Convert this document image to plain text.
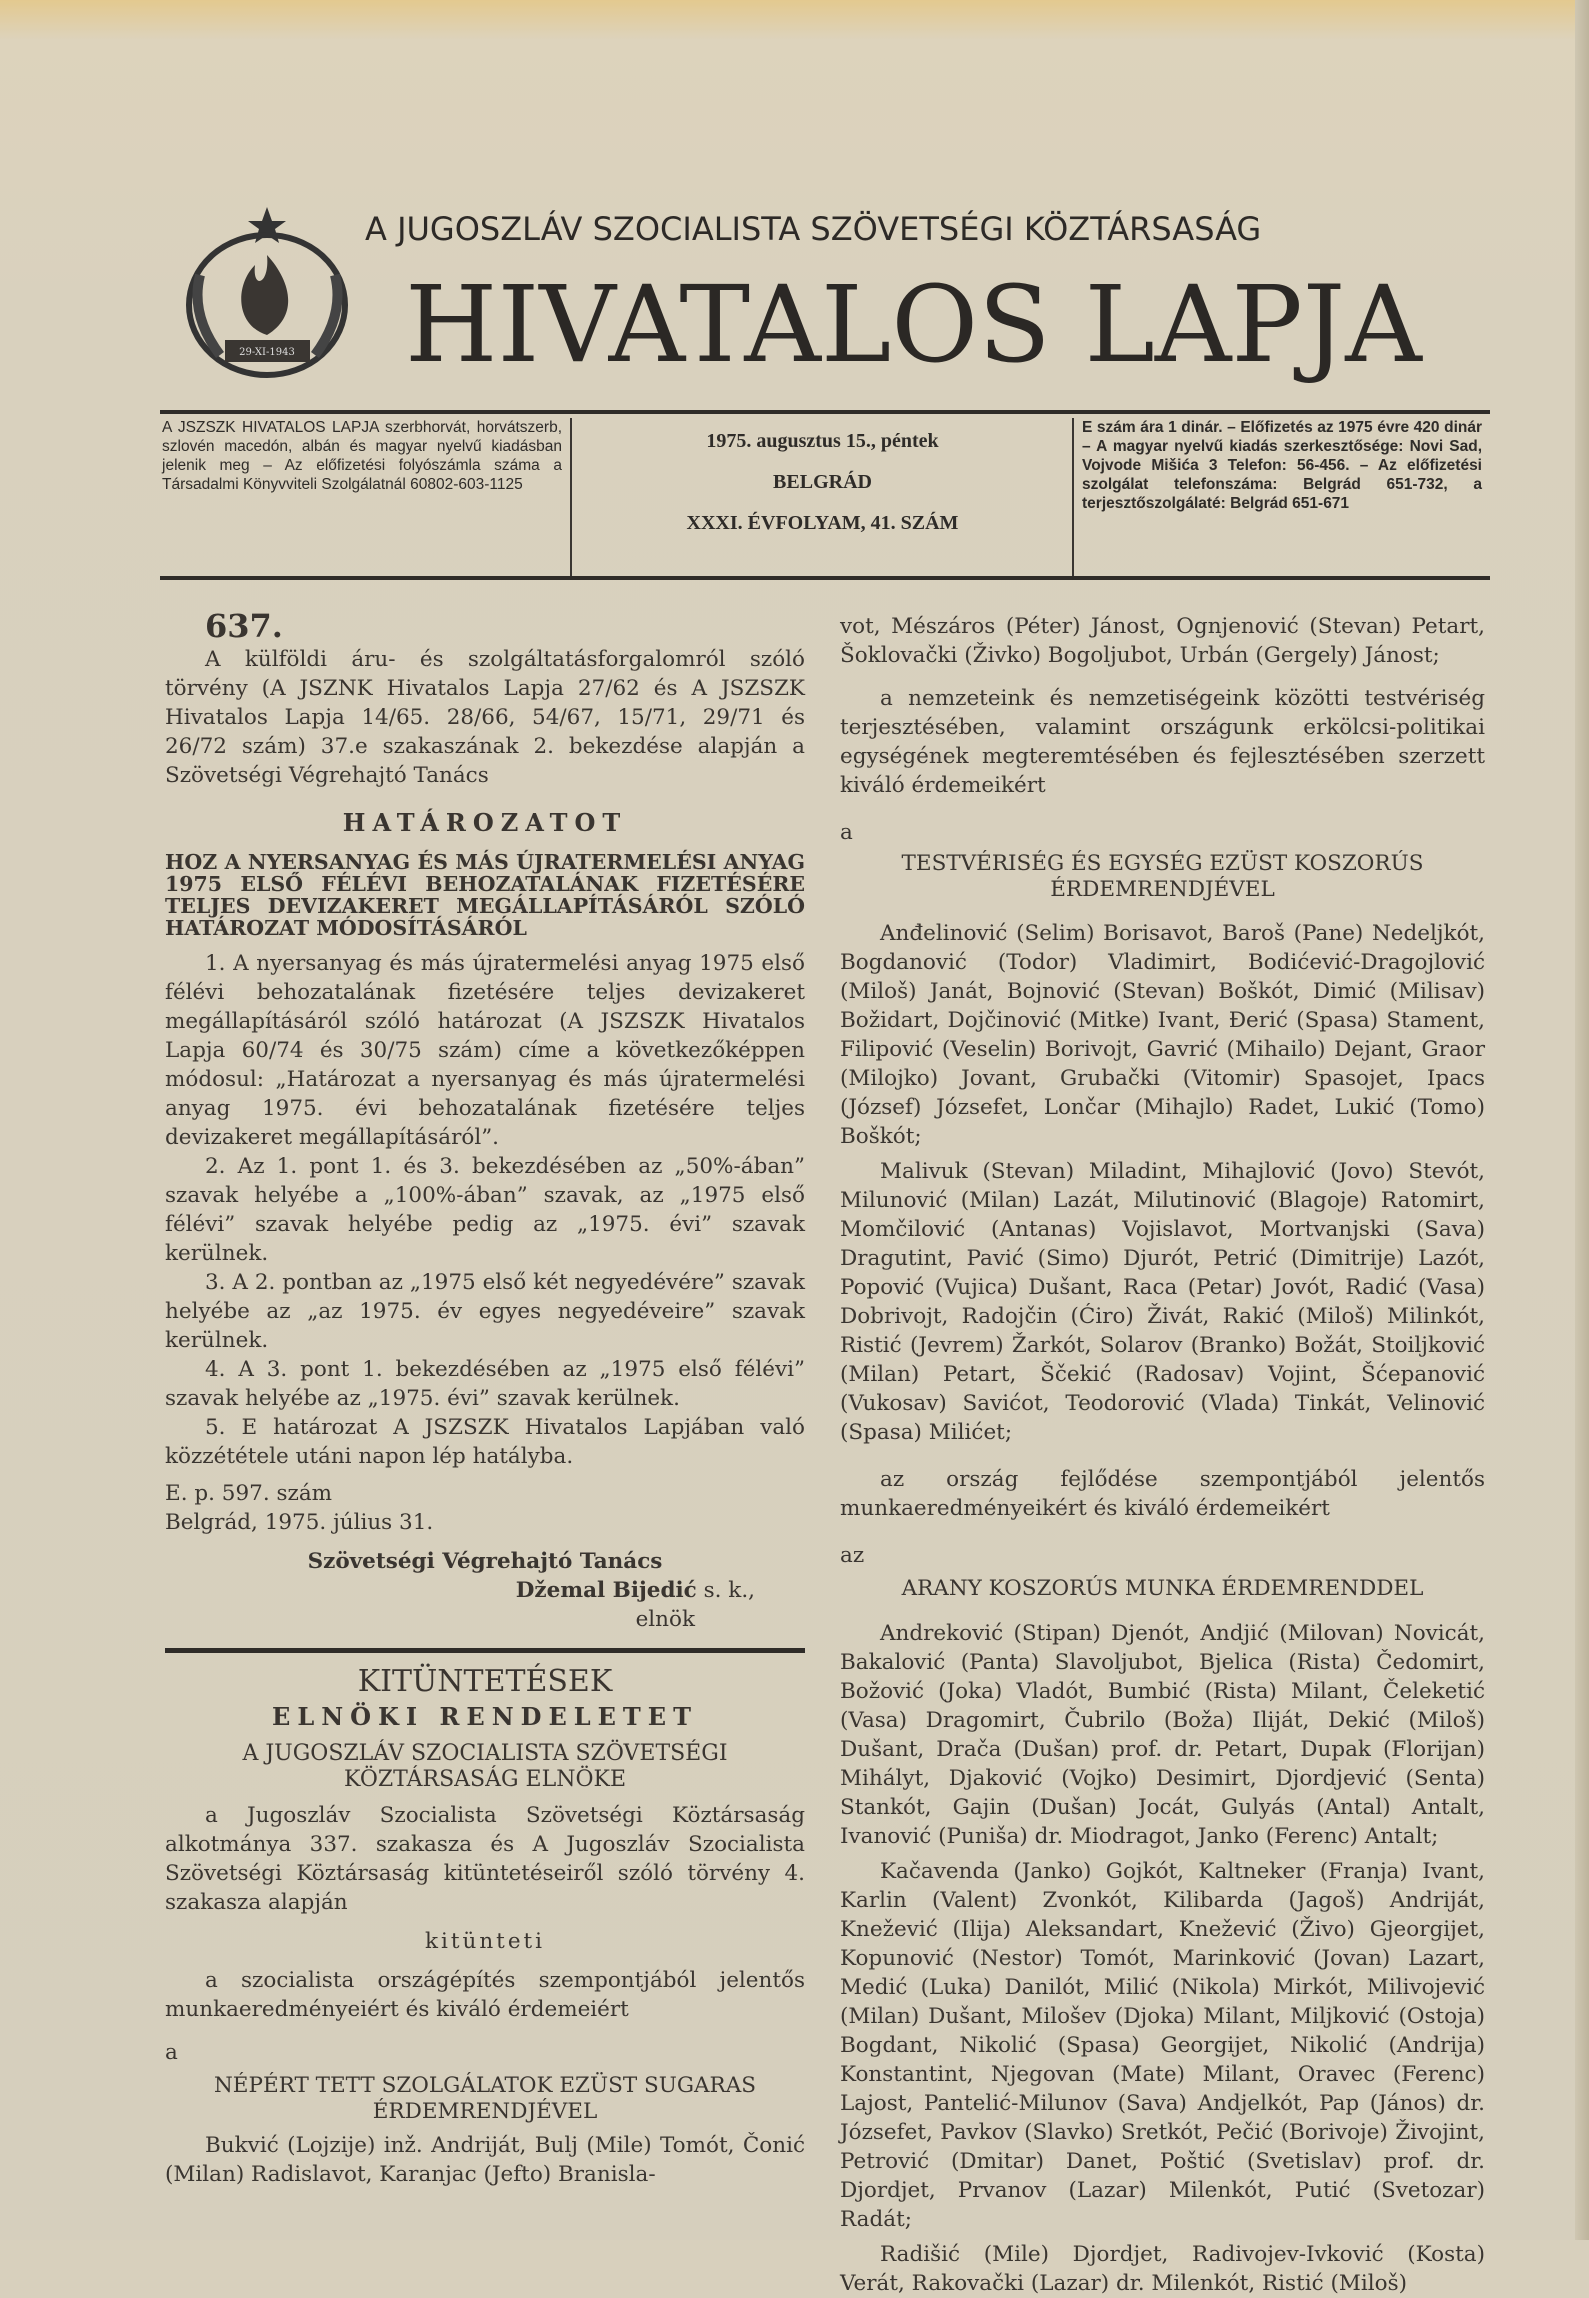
29-XI-1943
A JUGOSZLÁV SZOCIALISTA SZÖVETSÉGI KÖZTÁRSASÁG
HIVATALOS LAPJA
A JSZSZK HIVATALOS LAPJA szerbhorvát, horvátszerb, szlovén macedón, albán és magyar nyelvű kiadásban jelenik meg – Az előfizetési folyószámla száma a Társadalmi Könyvviteli Szolgálatnál 60802-603-1125
1975. augusztus 15., péntek
BELGRÁD
XXXI. ÉVFOLYAM, 41. SZÁM
E szám ára 1 dinár. – Előfizetés az 1975 évre 420 dinár – A magyar nyelvű kiadás szerkesztősége: Novi Sad, Vojvode Mišića 3 Telefon: 56-456. – Az előfizetési szolgálat telefonszáma: Belgrád 651-732, a terjesztőszolgálaté: Belgrád 651-671
637.

A külföldi áru- és szolgáltatásforgalomról szóló törvény (A JSZNK Hivatalos Lapja 27/62 és A JSZSZK Hivatalos Lapja 14/65. 28/66, 54/67, 15/71, 29/71 és 26/72 szám) 37.e szakaszának 2. bekezdése alapján a Szövetségi Végrehajtó Tanács

HATÁROZATOT
HOZ A NYERSANYAG ÉS MÁS ÚJRATERMELÉSI ANYAG 1975 ELSŐ FÉLÉVI BEHOZATALÁNAK FIZETÉSÉRE TELJES DEVIZAKERET MEGÁLLAPÍTÁSÁRÓL SZÓLÓ HATÁROZAT MÓDOSÍTÁSÁRÓL

1. A nyersanyag és más újratermelési anyag 1975 első félévi behozatalának fizetésére teljes devizakeret megállapításáról szóló határozat (A JSZSZK Hivatalos Lapja 60/74 és 30/75 szám) címe a következőképpen módosul: „Határozat a nyersanyag és más újratermelési anyag 1975. évi behozatalának fizetésére teljes devizakeret megállapításáról”.

2. Az 1. pont 1. és 3. bekezdésében az „50%-ában” szavak helyébe a „100%-ában” szavak, az „1975 első félévi” szavak helyébe pedig az „1975. évi” szavak kerülnek.

3. A 2. pontban az „1975 első két negyedévére” szavak helyébe az „az 1975. év egyes negyedéveire” szavak kerülnek.

4. A 3. pont 1. bekezdésében az „1975 első félévi” szavak helyébe az „1975. évi” szavak kerülnek.

5. E határozat A JSZSZK Hivatalos Lapjában való közzététele utáni napon lép hatályba.

E. p. 597. szám

Belgrád, 1975. július 31.

Szövetségi Végrehajtó Tanács
Džemal Bijedić s. k.,
elnök
KITÜNTETÉSEK
ELNÖKI RENDELETET
A JUGOSZLÁV SZOCIALISTA SZÖVETSÉGI KÖZTÁRSASÁG ELNÖKE

a Jugoszláv Szocialista Szövetségi Köztársaság alkotmánya 337. szakasza és A Jugoszláv Szocialista Szövetségi Köztársaság kitüntetéseiről szóló törvény 4. szakasza alapján

kitünteti

a szocialista országépítés szempontjából jelentős munkaeredményeiért és kiváló érdemeiért

a

NÉPÉRT TETT SZOLGÁLATOK EZÜST SUGARAS ÉRDEMRENDJÉVEL

Bukvić (Lojzije) inž. Andriját, Bulj (Mile) Tomót, Čonić (Milan) Radislavot, Karanjac (Jefto) Branisla-

vot, Mészáros (Péter) Jánost, Ognjenović (Stevan) Petart, Šoklovački (Živko) Bogoljubot, Urbán (Gergely) Jánost;

a nemzeteink és nemzetiségeink közötti testvériség terjesztésében, valamint országunk erkölcsi-politikai egységének megteremtésében és fejlesztésében szerzett kiváló érdemeikért

a

TESTVÉRISÉG ÉS EGYSÉG EZÜST KOSZORÚS ÉRDEMRENDJÉVEL

Anđelinović (Selim) Borisavot, Baroš (Pane) Nedeljkót, Bogdanović (Todor) Vladimirt, Bodićević-Dragojlović (Miloš) Janát, Bojnović (Stevan) Boškót, Dimić (Milisav) Božidart, Dojčinović (Mitke) Ivant, Đerić (Spasa) Stament, Filipović (Veselin) Borivojt, Gavrić (Mihailo) Dejant, Graor (Milojko) Jovant, Grubački (Vitomir) Spasojet, Ipacs (József) Józsefet, Lončar (Mihajlo) Radet, Lukić (Tomo) Boškót;

Malivuk (Stevan) Miladint, Mihajlović (Jovo) Stevót, Milunović (Milan) Lazát, Milutinović (Blagoje) Ratomirt, Momčilović (Antanas) Vojislavot, Mortvanjski (Sava) Dragutint, Pavić (Simo) Djurót, Petrić (Dimitrije) Lazót, Popović (Vujica) Dušant, Raca (Petar) Jovót, Radić (Vasa) Dobrivojt, Radojčin (Ćiro) Živát, Rakić (Miloš) Milinkót, Ristić (Jevrem) Žarkót, Solarov (Branko) Božát, Stoiljković (Milan) Petart, Ščekić (Radosav) Vojint, Šćepanović (Vukosav) Savićot, Teodorović (Vlada) Tinkát, Velinović (Spasa) Milićet;

az ország fejlődése szempontjából jelentős munkaeredményeikért és kiváló érdemeikért

az

ARANY KOSZORÚS MUNKA ÉRDEMRENDDEL

Andreković (Stipan) Djenót, Andjić (Milovan) Novicát, Bakalović (Panta) Slavoljubot, Bjelica (Rista) Čedomirt, Božović (Joka) Vladót, Bumbić (Rista) Milant, Čeleketić (Vasa) Dragomirt, Čubrilo (Boža) Iliját, Dekić (Miloš) Dušant, Drača (Dušan) prof. dr. Petart, Dupak (Florijan) Mihályt, Djaković (Vojko) Desimirt, Djordjević (Senta) Stankót, Gajin (Dušan) Jocát, Gulyás (Antal) Antalt, Ivanović (Puniša) dr. Miodragot, Janko (Ferenc) Antalt;

Kačavenda (Janko) Gojkót, Kaltneker (Franja) Ivant, Karlin (Valent) Zvonkót, Kilibarda (Jagoš) Andriját, Knežević (Ilija) Aleksandart, Knežević (Živo) Gjeorgijet, Kopunović (Nestor) Tomót, Marinković (Jovan) Lazart, Medić (Luka) Danilót, Milić (Nikola) Mirkót, Milivojević (Milan) Dušant, Milošev (Djoka) Milant, Miljković (Ostoja) Bogdant, Nikolić (Spasa) Georgijet, Nikolić (Andrija) Konstantint, Njegovan (Mate) Milant, Oravec (Ferenc) Lajost, Pantelić-Milunov (Sava) Andjelkót, Pap (János) dr. Józsefet, Pavkov (Slavko) Sretkót, Pečić (Borivoje) Živojint, Petrović (Dmitar) Danet, Poštić (Svetislav) prof. dr. Djordjet, Prvanov (Lazar) Milenkót, Putić (Svetozar) Radát;

Radišić (Mile) Djordjet, Radivojev-Ivković (Kosta) Verát, Rakovački (Lazar) dr. Milenkót, Ristić (Miloš)
